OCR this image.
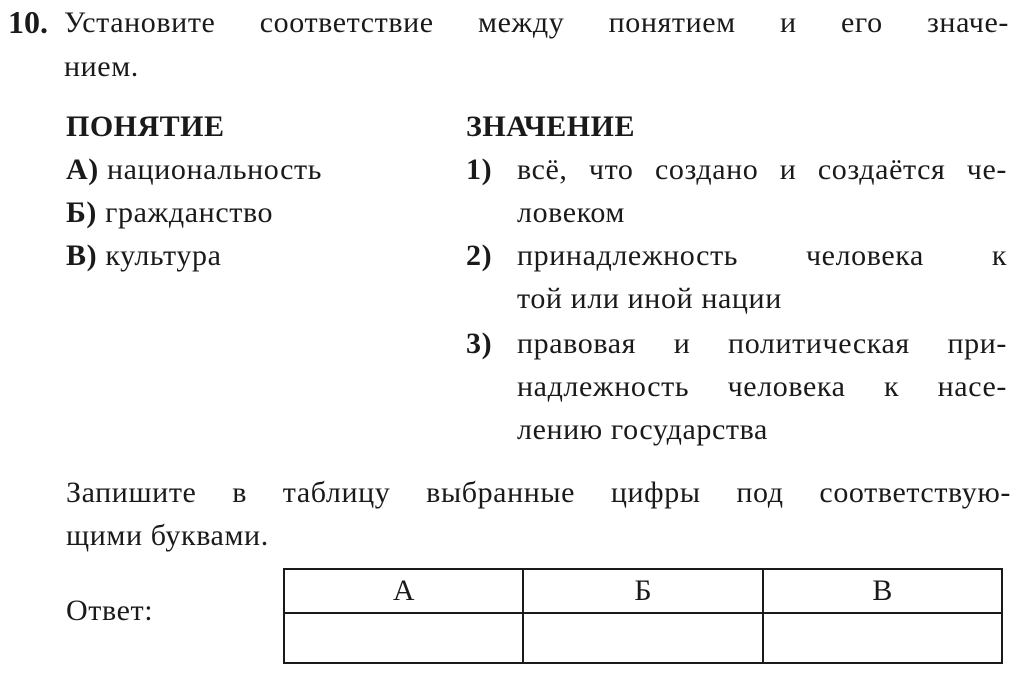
10. Установите соответствие между понятием и его значе-
нием.
ПОНЯТИЕ
А) национальность
Б) гражданство
В) культура
ЗНАЧЕНИЕ
1) всё, что создано и создаётся че-
ловеком
2) принадлежность человека к
той или иной нации
3) правовая и политическая при-
надлежность человека к насе-
лению государства
Запишите в таблицу выбранные цифры под соответствую-
щими буквами.
Ответ:
А	Б	В
